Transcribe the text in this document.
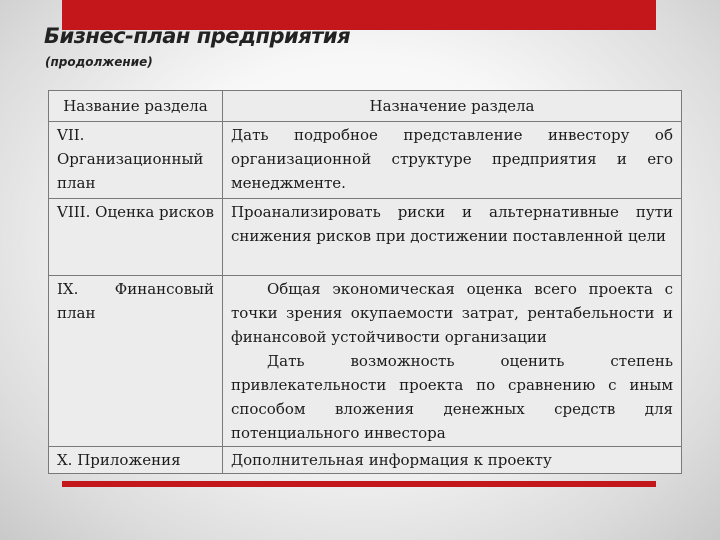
Бизнес-план предприятия
(продолжение)
Название раздела	Назначение раздела
VII. Организационный план	Дать подробное представление инвестору об организационной структуре предприятия и его менеджменте.

VIII. Оценка рисков	Проанализировать риски и альтернативные пути снижения рисков при достижении поставленной цели

IX. Финансовый план	Общая экономическая оценка всего проекта с точки зрения окупаемости затрат, рентабельности и финансовой устойчивости организации

Дать возможность оценить степень привлекательности проекта по сравнению с иным способом вложения денежных средств для потенциального инвестора

X. Приложения	Дополнительная информация к проекту
